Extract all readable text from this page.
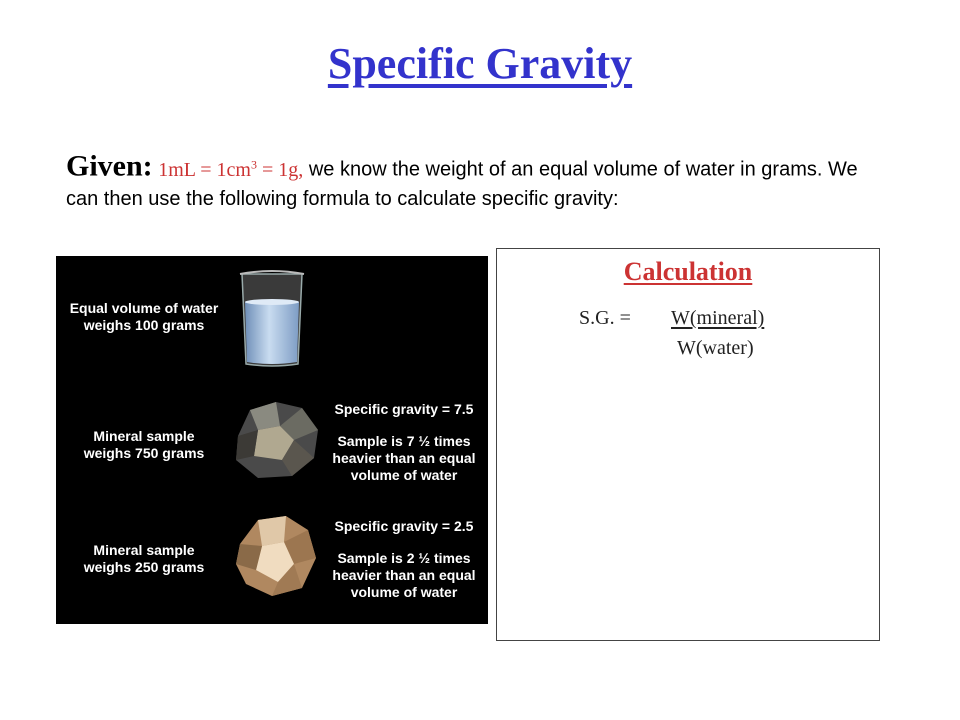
Specific Gravity
Given: $1mL = 1cm^3 = 1g$, we know the weight of an equal volume of water in grams. We can then use the following formula to calculate specific gravity:
Equal volume of water
weighs 100 grams
Mineral sample
weighs 750 grams
Specific gravity = 7.5
Sample is 7 ½ times
heavier than an equal
volume of water
Mineral sample
weighs 250 grams
Specific gravity = 2.5
Sample is 2 ½ times
heavier than an equal
volume of water
Calculation
S.G. = W(mineral)
W(water)
